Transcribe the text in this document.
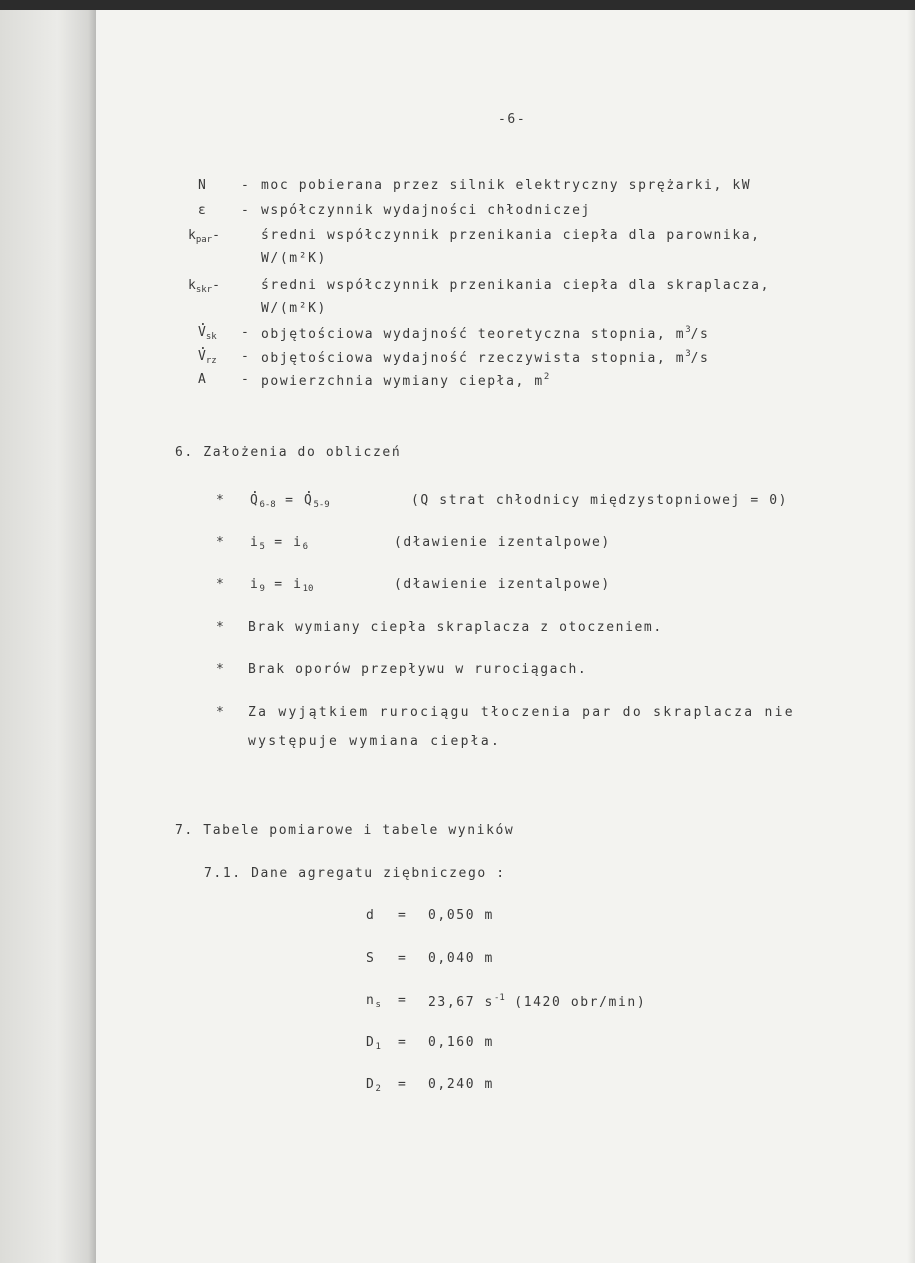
-6-
N	- moc pobierana przez silnik elektryczny sprężarki, kW
ε	- współczynnik wydajności chłodniczej
$k_{par}-$	średni współczynnik przenikania ciepła dla parownika,
W/(m²K)
$k_{skr}-$	średni współczynnik przenikania ciepła dla skraplacza,
W/(m²K)
. $V_{sk}$ - objętościowa wydajność teoretyczna stopnia, $m^3/s$
. $V_{rz}$ - objętościowa wydajność rzeczywista stopnia, $m^3/s$
A	- powierzchnia wymiany ciepła, $m^2$
6. Założenia do obliczeń
* . $Q_{6-8}$ = . $Q_{5-9}$	(Q strat chłodnicy międzystopniowej = 0)
* $i_5 = i_6$	(dławienie izentalpowe)
* $i_9 = i_{10}$	(dławienie izentalpowe)
* Brak wymiany ciepła skraplacza z otoczeniem.
* Brak oporów przepływu w rurociągach.
* Za wyjątkiem rurociągu tłoczenia par do skraplacza nie
występuje wymiana ciepła.
7. Tabele pomiarowe i tabele wyników
7.1. Dane agregatu ziębniczego :
d = 0,050 m
S = 0,040 m
$n_s = 23,67$ $s^{-1}$ (1420 obr/min)
$D_1 = 0,160$ m
$D_2 = 0,240$ m
